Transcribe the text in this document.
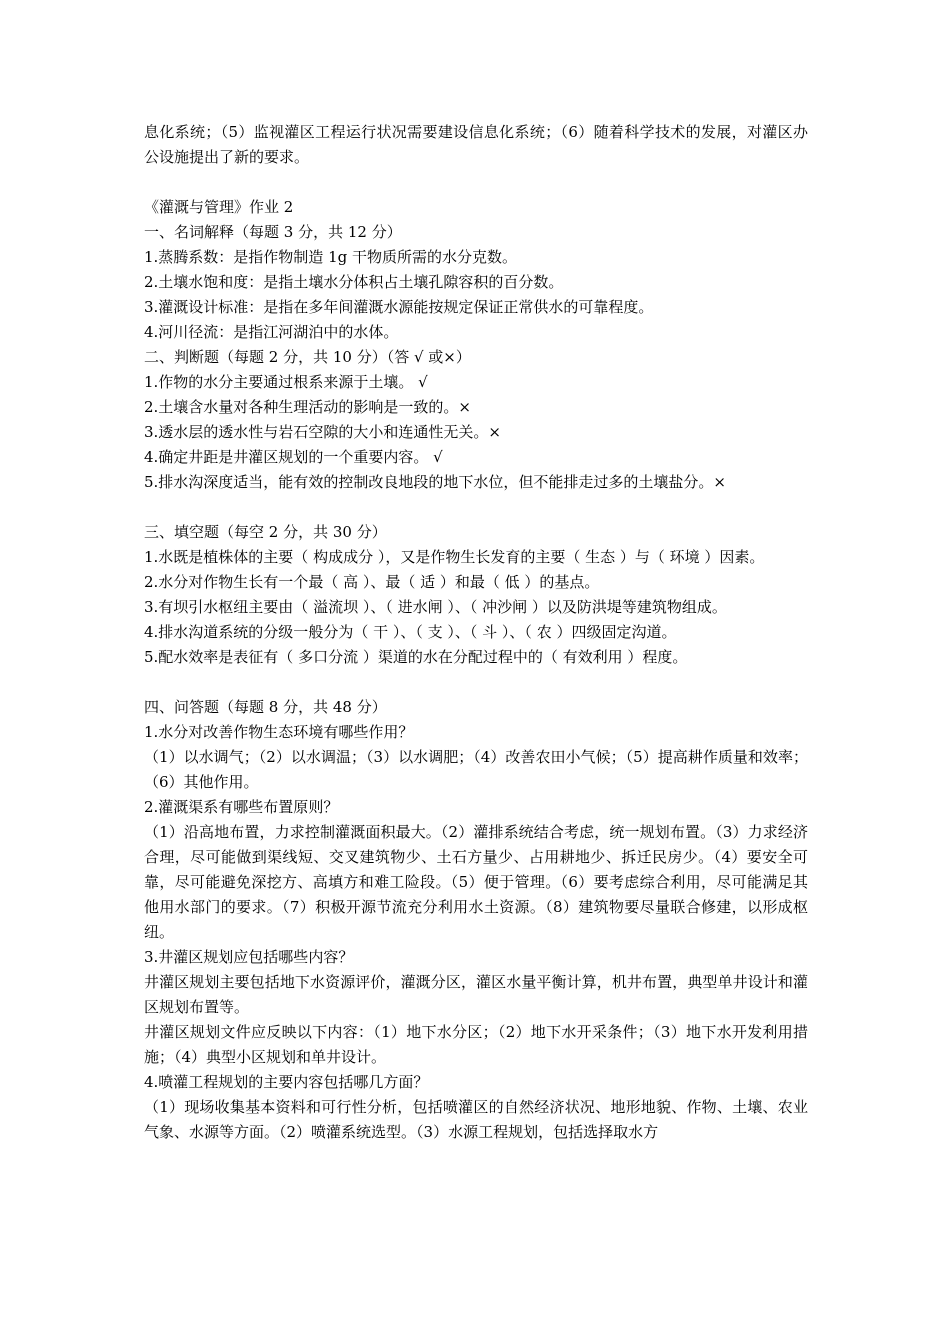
息化系统；（5）监视灌区工程运行状况需要建设信息化系统；（6）随着科学技术的发展，对灌区办公设施提出了新的要求。

《灌溉与管理》作业 2

一、名词解释（每题 3 分，共 12 分）

1.蒸腾系数：是指作物制造 1g 干物质所需的水分克数。

2.土壤水饱和度：是指土壤水分体积占土壤孔隙容积的百分数。

3.灌溉设计标准：是指在多年间灌溉水源能按规定保证正常供水的可靠程度。

4.河川径流：是指江河湖泊中的水体。

二、判断题（每题 2 分，共 10 分）（答 √ 或×）

1.作物的水分主要通过根系来源于土壤。 √

2.土壤含水量对各种生理活动的影响是一致的。×

3.透水层的透水性与岩石空隙的大小和连通性无关。×

4.确定井距是井灌区规划的一个重要内容。 √

5.排水沟深度适当，能有效的控制改良地段的地下水位，但不能排走过多的土壤盐分。×

三、填空题（每空 2 分，共 30 分）

1.水既是植株体的主要（ 构成成分 ），又是作物生长发育的主要（ 生态 ）与（ 环境 ）因素。

2.水分对作物生长有一个最（ 高 ）、最（ 适 ）和最（ 低 ）的基点。

3.有坝引水枢纽主要由（ 溢流坝 ）、（ 进水闸 ）、（ 冲沙闸 ）以及防洪堤等建筑物组成。

4.排水沟道系统的分级一般分为（ 干 ）、（ 支 ）、（ 斗 ）、（ 农 ）四级固定沟道。

5.配水效率是表征有（ 多口分流 ）渠道的水在分配过程中的（ 有效利用 ）程度。

四、问答题（每题 8 分，共 48 分）

1.水分对改善作物生态环境有哪些作用？

（1）以水调气；（2）以水调温；（3）以水调肥；（4）改善农田小气候；（5）提高耕作质量和效率；（6）其他作用。

2.灌溉渠系有哪些布置原则？

（1）沿高地布置，力求控制灌溉面积最大。（2）灌排系统结合考虑，统一规划布置。（3）力求经济合理，尽可能做到渠线短、交叉建筑物少、土石方量少、占用耕地少、拆迁民房少。（4）要安全可靠，尽可能避免深挖方、高填方和难工险段。（5）便于管理。（6）要考虑综合利用，尽可能满足其他用水部门的要求。（7）积极开源节流充分利用水土资源。（8）建筑物要尽量联合修建，以形成枢纽。

3.井灌区规划应包括哪些内容？

井灌区规划主要包括地下水资源评价，灌溉分区，灌区水量平衡计算，机井布置，典型单井设计和灌区规划布置等。

井灌区规划文件应反映以下内容：（1）地下水分区；（2）地下水开采条件；（3）地下水开发利用措施；（4）典型小区规划和单井设计。

4.喷灌工程规划的主要内容包括哪几方面？

（1）现场收集基本资料和可行性分析，包括喷灌区的自然经济状况、地形地貌、作物、土壤、农业气象、水源等方面。（2）喷灌系统选型。（3）水源工程规划，包括选择取水方
